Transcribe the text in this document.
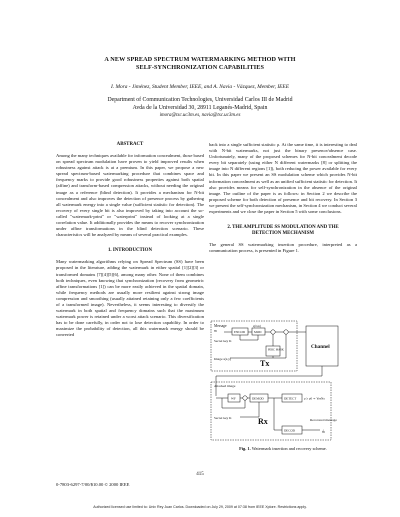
A NEW SPREAD SPECTRUM WATERMARKING METHOD WITH
SELF-SYNCHRONIZATION CAPABILITIES
I. Mora - Jiménez, Student Member, IEEE, and A. Navia - Vázquez, Member, IEEE
Department of Communication Technologies, Universidad Carlos III de Madrid
Avda de la Universidad 30, 28911 Leganés-Madrid, Spain
imora@tsc.uc3m.es, navia@tsc.uc3m.es
ABSTRACT

Among the many techniques available for information concealment, those based on spread spectrum modulation have proven to yield improved results when robustness against attack is at a premium. In this paper, we propose a new spread spectrum-based watermarking procedure that combines space and frequency marks to provide good robustness properties against both spatial (affine) and transform-based compression attacks, without needing the original image as a reference (blind detection). It provides a mechanism for N-bit concealment and also improves the detection of presence process by gathering all watermark energy into a single value (sufficient statistic for detection). The recovery of every single bit is also improved by taking into account the so-called "watermark-print" or "waterprint" instead of looking at a single correlation value. It additionally provides the means to recover synchronization under affine transformations in the blind detection scenario. These characteristics will be analyzed by means of several practical examples.

1. INTRODUCTION

Many watermarking algorithms relying on Spread Spectrum (SS) have been proposed in the literature, adding the watermark in either spatial [1][2][3] or transformed domains [7][4][5][6], among many other. None of them combines both techniques, even knowing that synchronization (recovery from geometric affine transformations [1]) can be more easily achieved in the spatial domain, while frequency methods are usually more resilient against strong image compression and smoothing (usually attained retaining only a few coefficients of a transformed image). Nevertheless, it seems interesting to diversify the watermark in both spatial and frequency domains such that the maximum watermark power is retained under a worst attack scenario. This diversification has to be done carefully, in order not to lose detection capability. In order to maximize the probability of detection, all this watermark energy should be converted

back into a single sufficient statistic ρ. At the same time, it is interesting to deal with N-bit watermarks, not just the binary presence/absence case. Unfortunately, many of the proposed schemes for N-bit concealment decode every bit separately (using either N different watermarks [8] or splitting the image into N different regions [1]), both reducing the power available for every bit. In this paper we present an SS modulation scheme which provides N-bit information concealment as well as an unified sufficient statistic for detection. It also provides means for self-synchronization in the absence of the original image. The outline of the paper is as follows: in Section 2 we describe the proposed scheme for both detection of presence and bit recovery. In Section 3 we present the self-synchronization mechanism, in Section 4 we conduct several experiments and we close the paper in Section 5 with some conclusions.

2. THE AMPLITUDE SS MODULATION AND THE
DETECTION MECHANISM

The general SS watermarking insertion procedure, interpreted as a communication process, is presented in Figure 1.

Message
m
s(m,k)
Secret key K
Image s(x,y)	Tx
ENCOD	MOD
PERC MASK	Channel
Attacked image
Secret key K	Rx	Recovered message
m̂
WF	DEMOD	DETECT
DECOD
ρ ≥ ρ0 ⇒ YesNo
Fig. 1. Watermark insertion and recovery scheme.
415
0-7803-6297-7/00/$10.00 © 2000 IEEE
Authorized licensed use limited to: Univ Rey Juan Carlos. Downloaded on July 29, 2009 at 07:38 from IEEE Xplore. Restrictions apply.
